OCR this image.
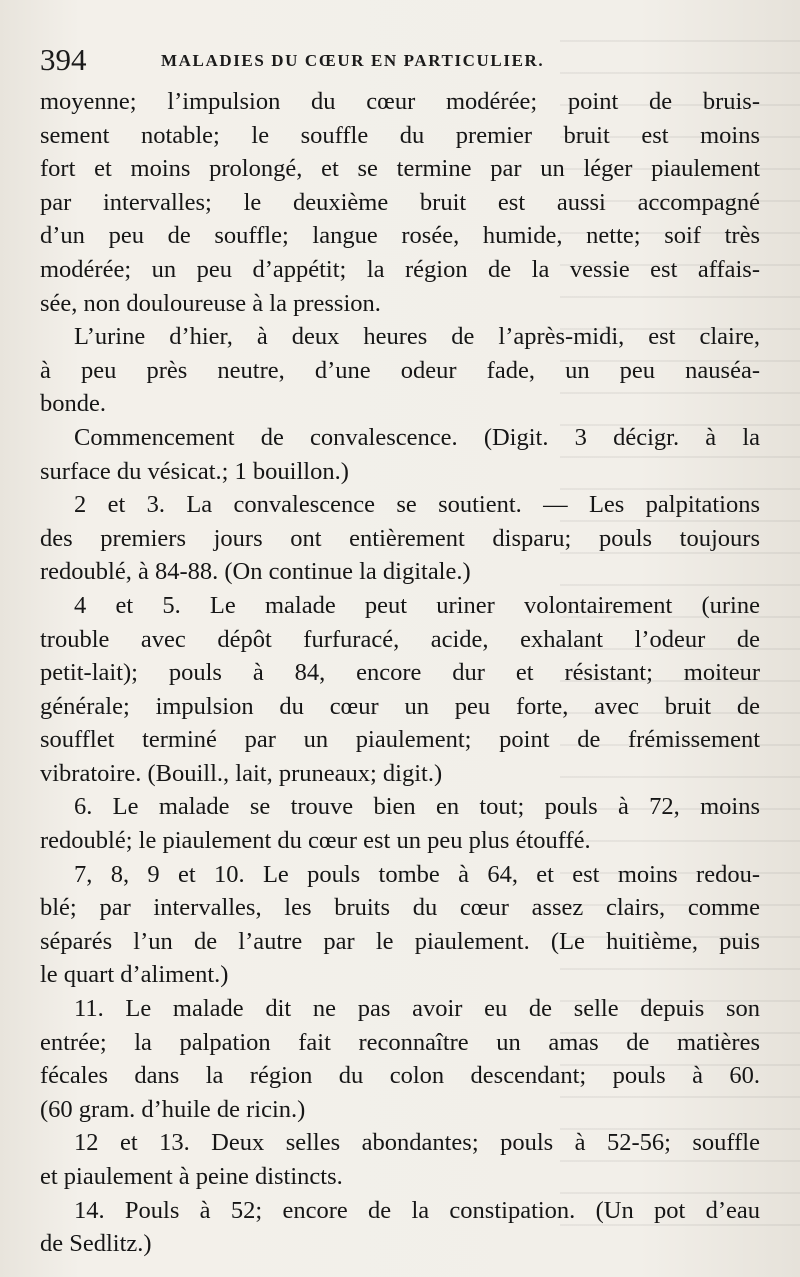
394	MALADIES DU CŒUR EN PARTICULIER.

moyenne; l’impulsion du cœur modérée; point de bruis-

sement notable; le souffle du premier bruit est moins

fort et moins prolongé, et se termine par un léger piaulement

par intervalles; le deuxième bruit est aussi accompagné

d’un peu de souffle; langue rosée, humide, nette; soif très

modérée; un peu d’appétit; la région de la vessie est affais-

sée, non douloureuse à la pression.

L’urine d’hier, à deux heures de l’après-midi, est claire,

à peu près neutre, d’une odeur fade, un peu nauséa-

bonde.

Commencement de convalescence. (Digit. 3 décigr. à la

surface du vésicat.; 1 bouillon.)

2 et 3. La convalescence se soutient. — Les palpitations

des premiers jours ont entièrement disparu; pouls toujours

redoublé, à 84-88. (On continue la digitale.)

4 et 5. Le malade peut uriner volontairement (urine

trouble avec dépôt furfuracé, acide, exhalant l’odeur de

petit-lait); pouls à 84, encore dur et résistant; moiteur

générale; impulsion du cœur un peu forte, avec bruit de

soufflet terminé par un piaulement; point de frémissement

vibratoire. (Bouill., lait, pruneaux; digit.)

6. Le malade se trouve bien en tout; pouls à 72, moins

redoublé; le piaulement du cœur est un peu plus étouffé.

7, 8, 9 et 10. Le pouls tombe à 64, et est moins redou-

blé; par intervalles, les bruits du cœur assez clairs, comme

séparés l’un de l’autre par le piaulement. (Le huitième, puis

le quart d’aliment.)

11. Le malade dit ne pas avoir eu de selle depuis son

entrée; la palpation fait reconnaître un amas de matières

fécales dans la région du colon descendant; pouls à 60.

(60 gram. d’huile de ricin.)

12 et 13. Deux selles abondantes; pouls à 52-56; souffle

et piaulement à peine distincts.

14. Pouls à 52; encore de la constipation. (Un pot d’eau

de Sedlitz.)
